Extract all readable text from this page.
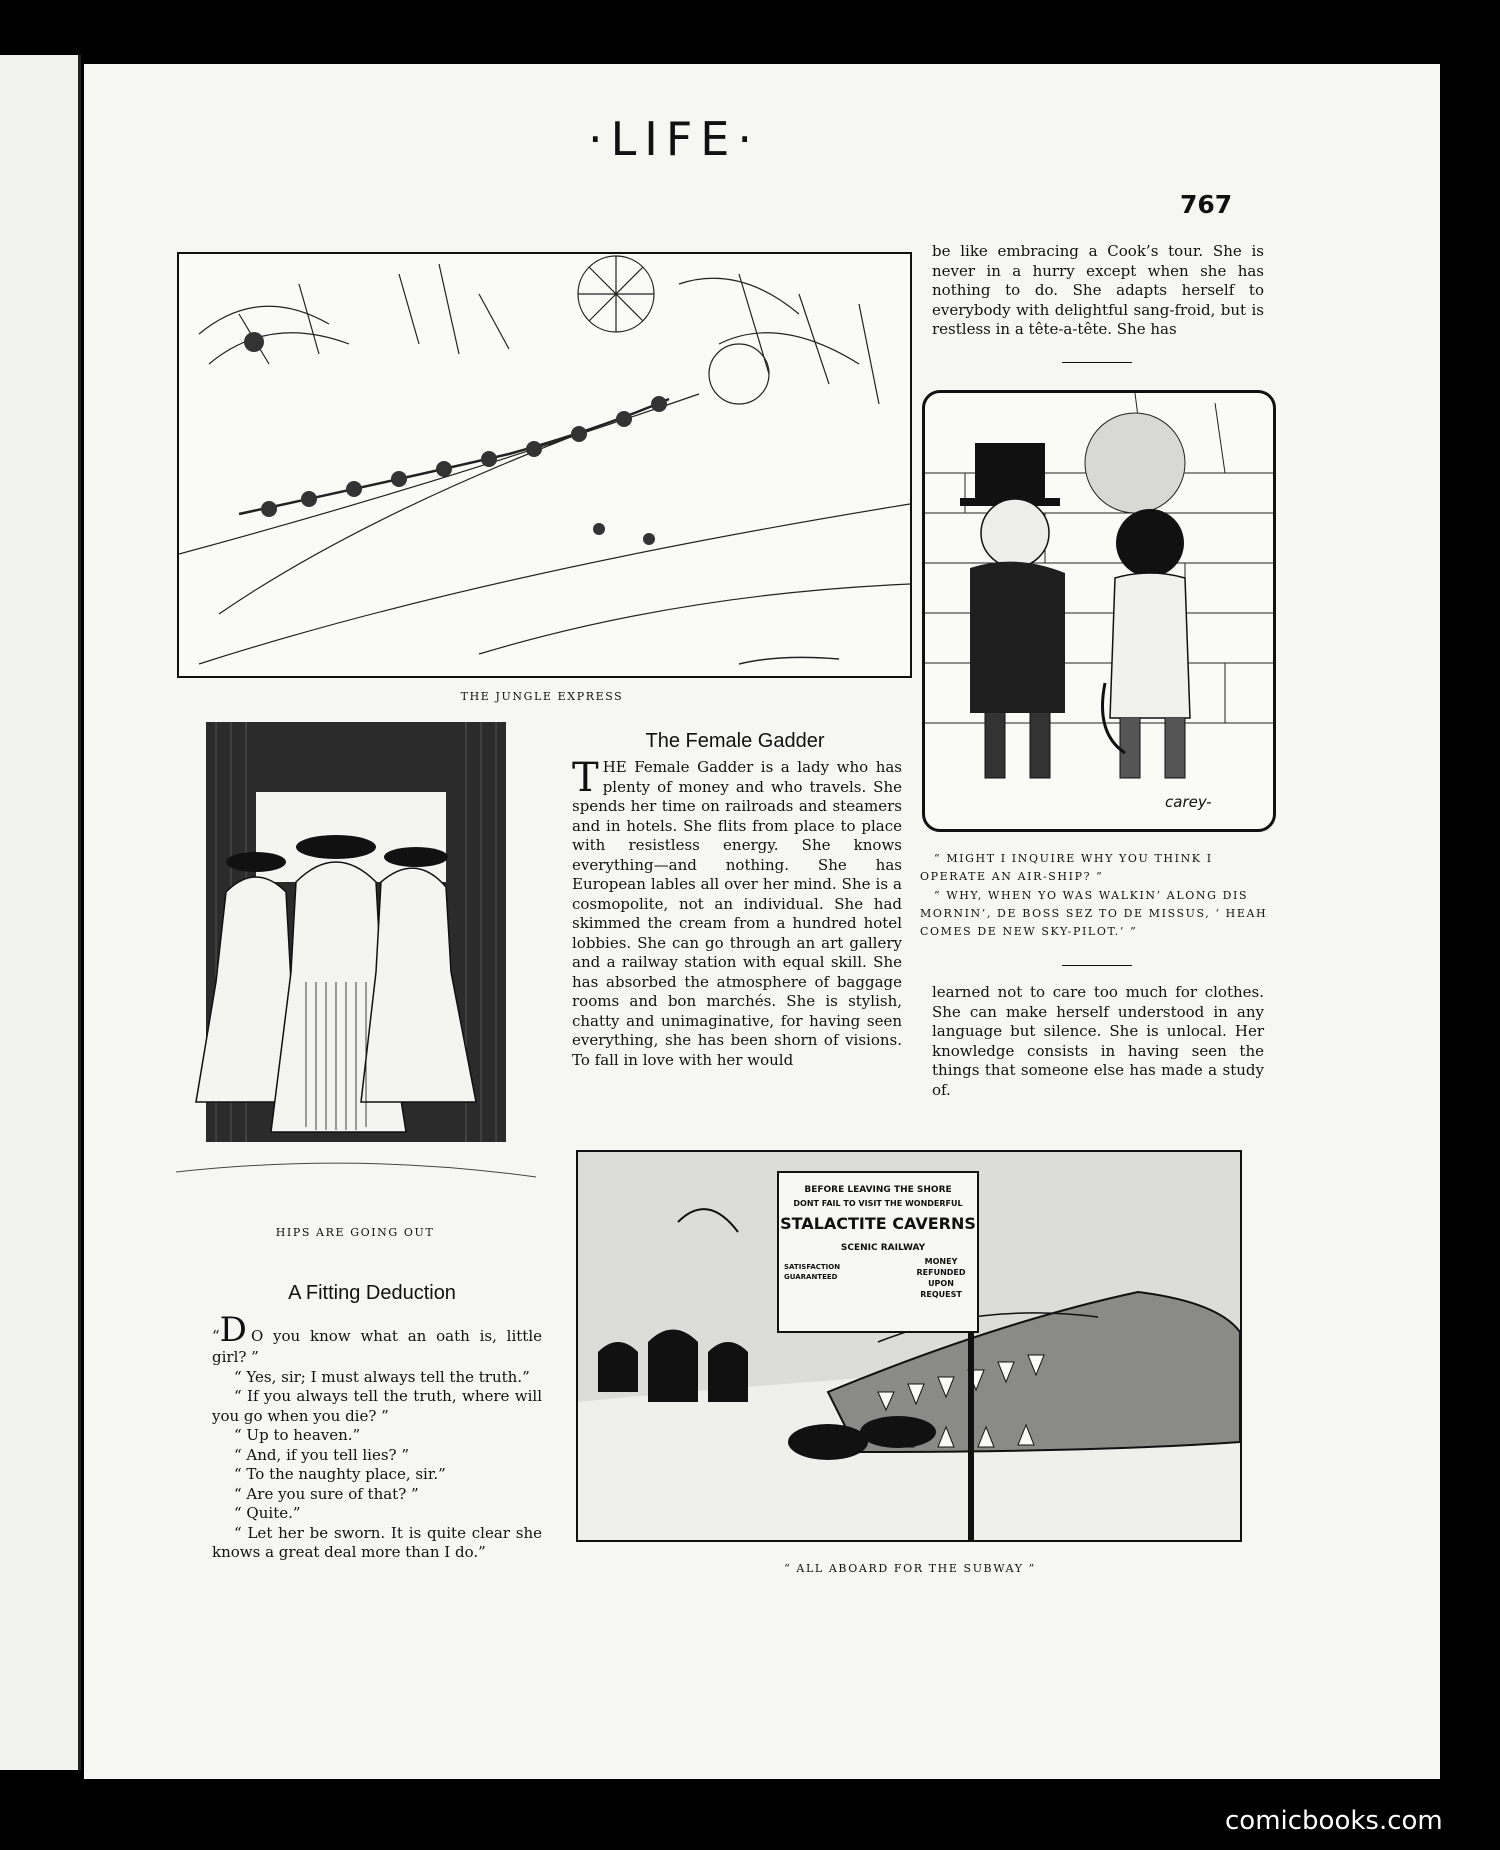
·LIFE·
767
THE JUNGLE EXPRESS
HIPS ARE GOING OUT
carey-
“ MIGHT I INQUIRE WHY YOU THINK I OPERATE AN AIR-SHIP? ”
“ WHY, WHEN YO WAS WALKIN’ ALONG DIS MORNIN’, DE BOSS SEZ TO DE MISSUS, ‘ HEAH COMES DE NEW SKY-PILOT.’ ”
BEFORE LEAVING THE SHORE
DONT FAIL TO VISIT THE WONDERFUL
STALACTITE CAVERNS
SCENIC RAILWAY
SATISFACTION GUARANTEED
MONEY REFUNDED UPON REQUEST
“ ALL ABOARD FOR THE SUBWAY ”
The Female Gadder
THE Female Gadder is a lady who has plenty of money and who travels. She spends her time on railroads and steamers and in hotels. She flits from place to place with resistless energy. She knows everything—and nothing. She has European lables all over her mind. She is a cosmopolite, not an individual. She had skimmed the cream from a hundred hotel lobbies. She can go through an art gallery and a railway station with equal skill. She has absorbed the atmosphere of baggage rooms and bon marchés. She is stylish, chatty and unimaginative, for having seen everything, she has been shorn of visions. To fall in love with her would
be like embracing a Cook’s tour. She is never in a hurry except when she has nothing to do. She adapts herself to everybody with delightful sang-froid, but is restless in a tête-a-tête. She has
learned not to care too much for clothes. She can make herself understood in any language but silence. She is unlocal. Her knowledge consists in having seen the things that someone else has made a study of.
A Fitting Deduction

“D O you know what an oath is, little girl? ”

“ Yes, sir; I must always tell the truth.”

“ If you always tell the truth, where will you go when you die? ”

“ Up to heaven.”

“ And, if you tell lies? ”

“ To the naughty place, sir.”

“ Are you sure of that? ”

“ Quite.”

“ Let her be sworn. It is quite clear she knows a great deal more than I do.”

comicbooks.com
